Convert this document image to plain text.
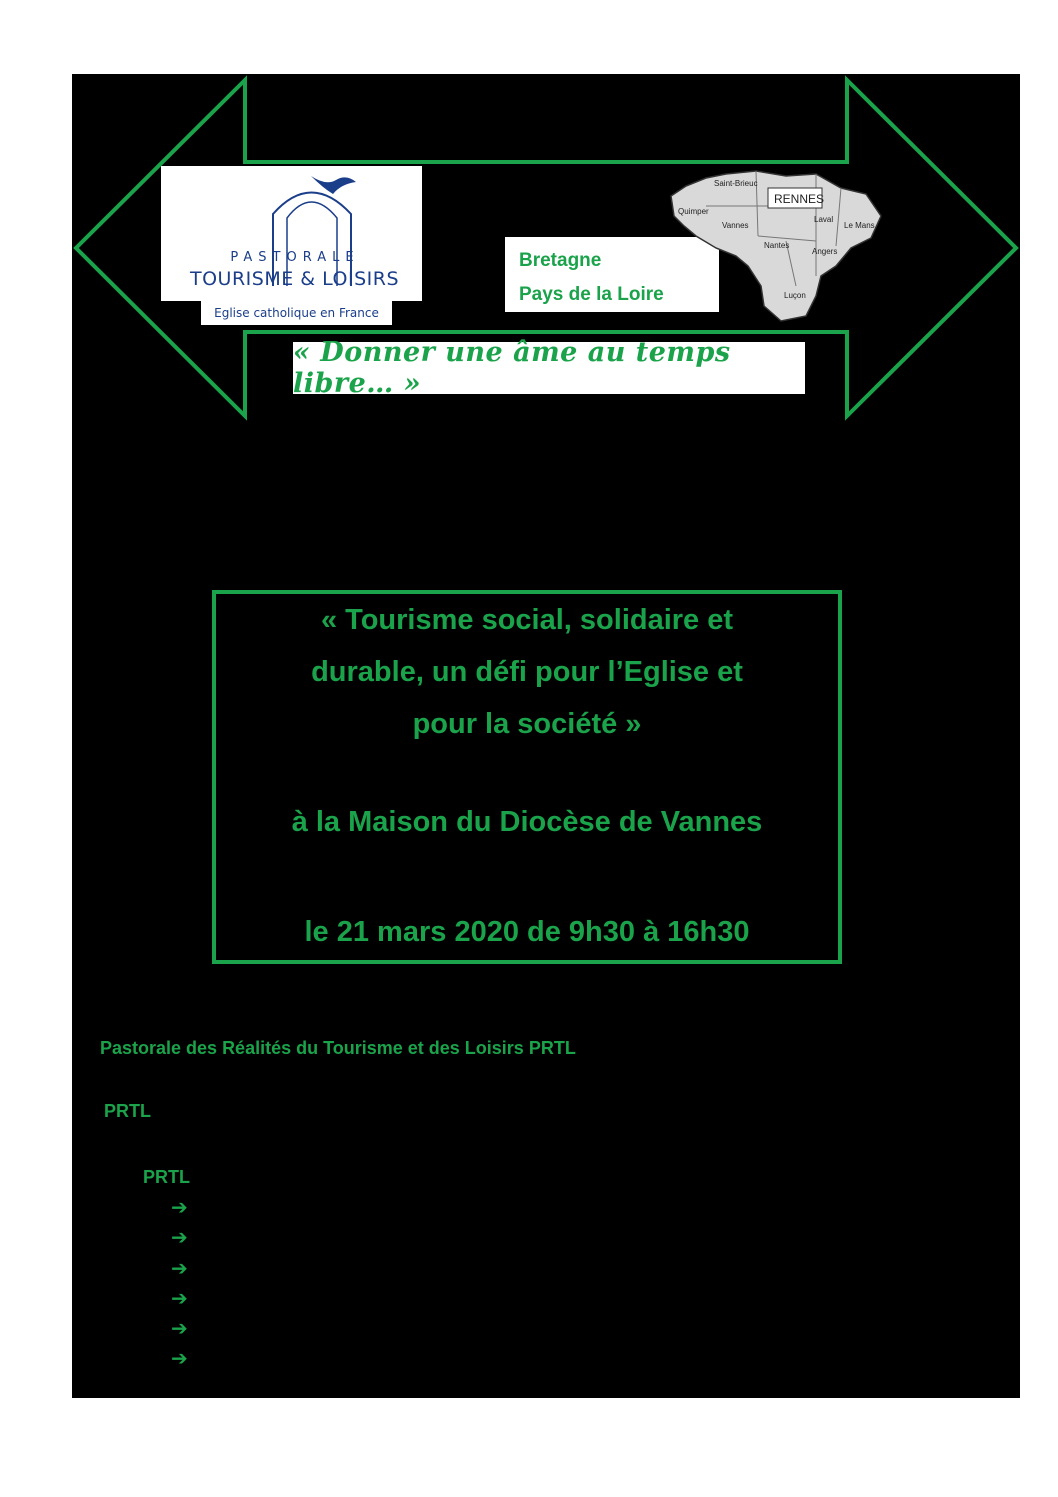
PASTORALE
TOURISME & LOISIRS
Eglise catholique en France
Bretagne
Pays de la Loire
Saint-Brieuc
RENNES
Quimper
Vannes
Laval
Le Mans
Nantes
Angers
Luçon
« Donner une âme au temps libre… »
« Tourisme social, solidaire et
durable, un défi pour l’Eglise et
pour la société »
à la Maison du Diocèse de Vannes
le 21 mars 2020 de 9h30 à 16h30
Pastorale des Réalités du Tourisme et des Loisirs PRTL
PRTL
PRTL
➔
➔
➔
➔
➔
➔
